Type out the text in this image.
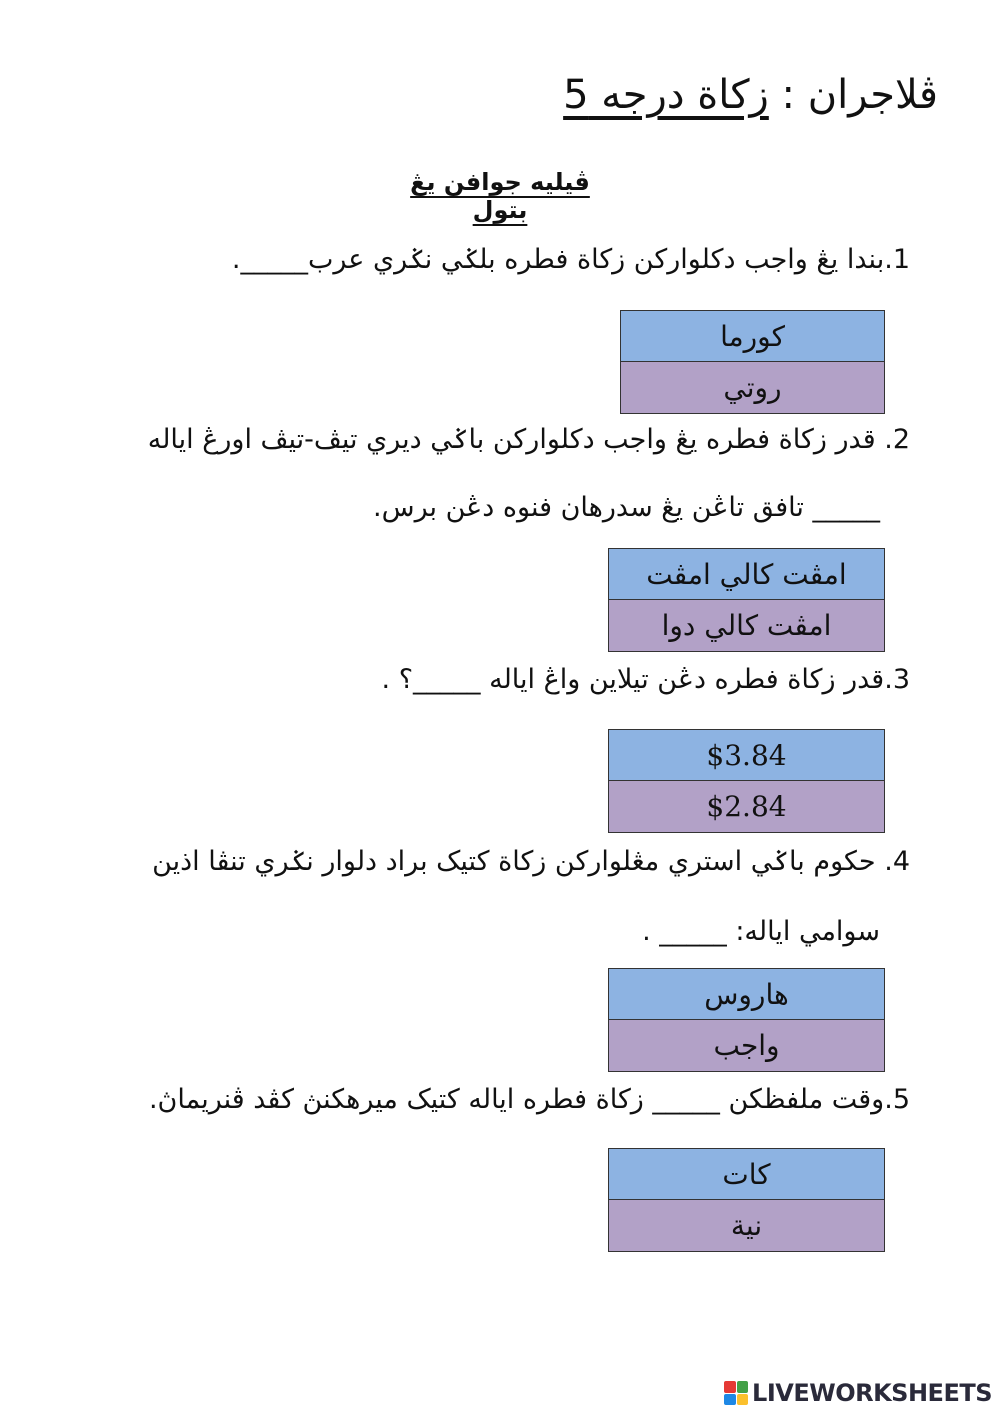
ڤلاجران : زكاة درجه 5
ڤيليه جوافن يڠ بتول
1.بندا يڠ واجب دكلواركن زكاة فطره بلݢي نݢري عرب_____.
كورما
روتي
2. قدر زكاة فطره يڠ واجب دكلواركن باݢي ديري تيڤ-تيڤ اورڠ اياله
_____ تافق تاڠن يڠ سدرهان فنوه دڠن برس.
امڤت كالي امڤت
امڤت كالي دوا
3.قدر زكاة فطره دڠن تيلاين واڠ اياله _____؟ .
$3.84
$2.84
4. حكوم باݢي استري مڠلواركن زكاة كتيک براد دلوار نݢري تنڤا اذين
سوامي اياله: _____ .
هاروس
واجب
5.وقت ملفظكن _____ زكاة فطره اياله كتيک ميرهكنڽ كڤد ڤنريماڽ.
كات
نية
LIVEWORKSHEETS
